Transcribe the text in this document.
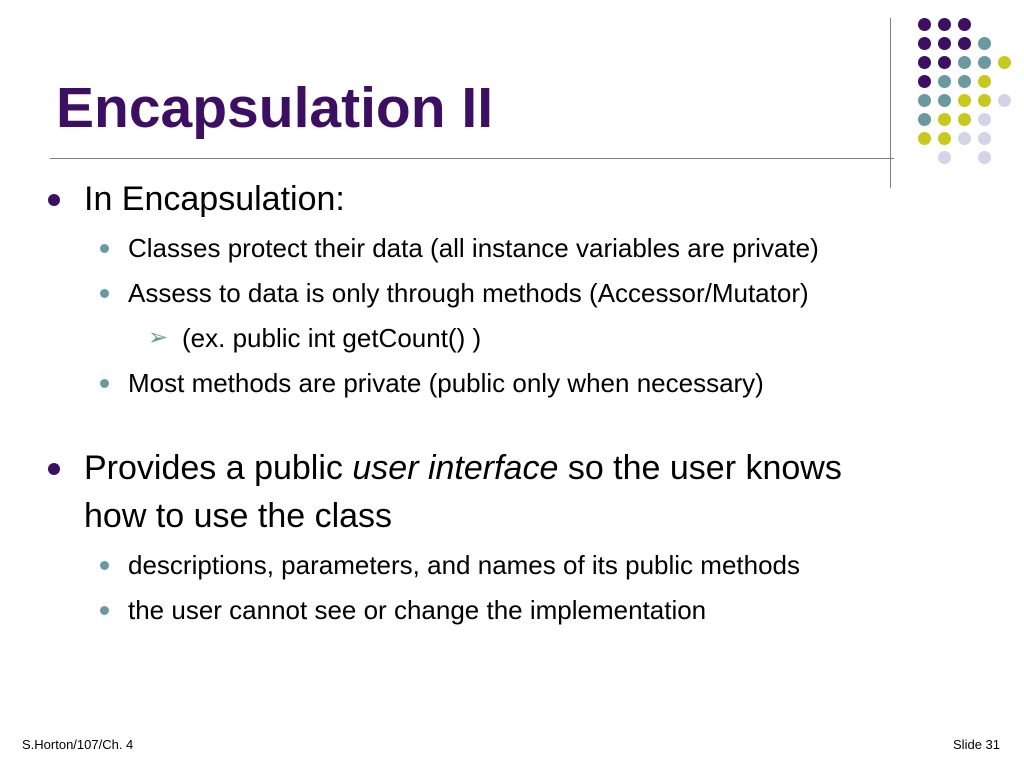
Encapsulation II
In Encapsulation:
Classes protect their data (all instance variables are private)
Assess to data is only through methods (Accessor/Mutator)
➢ (ex. public int getCount() )
Most methods are private (public only when necessary)
Provides a public user interface so the user knows
how to use the class
descriptions, parameters, and names of its public methods
the user cannot see or change the implementation
S.Horton/107/Ch. 4	Slide 31
